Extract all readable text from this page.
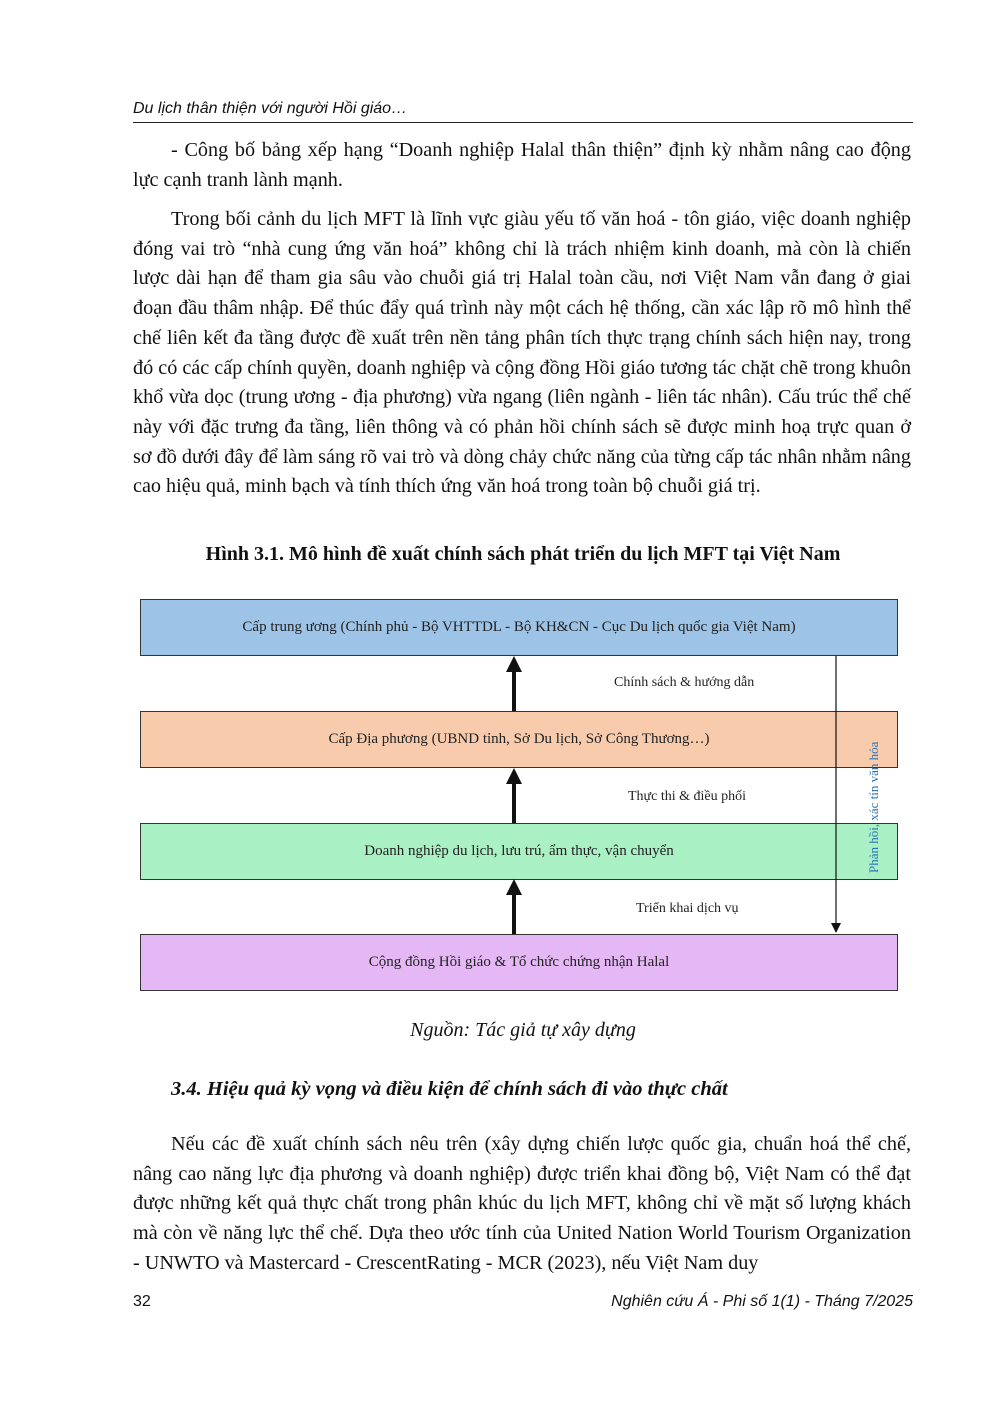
Du lịch thân thiện với người Hồi giáo…

- Công bố bảng xếp hạng “Doanh nghiệp Halal thân thiện” định kỳ nhằm nâng cao động lực cạnh tranh lành mạnh.

Trong bối cảnh du lịch MFT là lĩnh vực giàu yếu tố văn hoá - tôn giáo, việc doanh nghiệp đóng vai trò “nhà cung ứng văn hoá” không chỉ là trách nhiệm kinh doanh, mà còn là chiến lược dài hạn để tham gia sâu vào chuỗi giá trị Halal toàn cầu, nơi Việt Nam vẫn đang ở giai đoạn đầu thâm nhập. Để thúc đẩy quá trình này một cách hệ thống, cần xác lập rõ mô hình thể chế liên kết đa tầng được đề xuất trên nền tảng phân tích thực trạng chính sách hiện nay, trong đó có các cấp chính quyền, doanh nghiệp và cộng đồng Hồi giáo tương tác chặt chẽ trong khuôn khổ vừa dọc (trung ương - địa phương) vừa ngang (liên ngành - liên tác nhân). Cấu trúc thể chế này với đặc trưng đa tầng, liên thông và có phản hồi chính sách sẽ được minh hoạ trực quan ở sơ đồ dưới đây để làm sáng rõ vai trò và dòng chảy chức năng của từng cấp tác nhân nhằm nâng cao hiệu quả, minh bạch và tính thích ứng văn hoá trong toàn bộ chuỗi giá trị.

Hình 3.1. Mô hình đề xuất chính sách phát triển du lịch MFT tại Việt Nam
Cấp trung ương (Chính phủ - Bộ VHTTDL - Bộ KH&CN - Cục Du lịch quốc gia Việt Nam)
Cấp Địa phương (UBND tỉnh, Sở Du lịch, Sở Công Thương…)
Doanh nghiệp du lịch, lưu trú, ẩm thực, vận chuyển
Cộng đồng Hồi giáo & Tổ chức chứng nhận Halal
Chính sách & hướng dẫn
Thực thi & điều phối
Triển khai dịch vụ
Phản hồi, xác tín văn hóa
Nguồn: Tác giả tự xây dựng
3.4. Hiệu quả kỳ vọng và điều kiện để chính sách đi vào thực chất

Nếu các đề xuất chính sách nêu trên (xây dựng chiến lược quốc gia, chuẩn hoá thể chế, nâng cao năng lực địa phương và doanh nghiệp) được triển khai đồng bộ, Việt Nam có thể đạt được những kết quả thực chất trong phân khúc du lịch MFT, không chỉ về mặt số lượng khách mà còn về năng lực thể chế. Dựa theo ước tính của United Nation World Tourism Organization - UNWTO và Mastercard - CrescentRating - MCR (2023), nếu Việt Nam duy

32	Nghiên cứu Á - Phi số 1(1) - Tháng 7/2025
